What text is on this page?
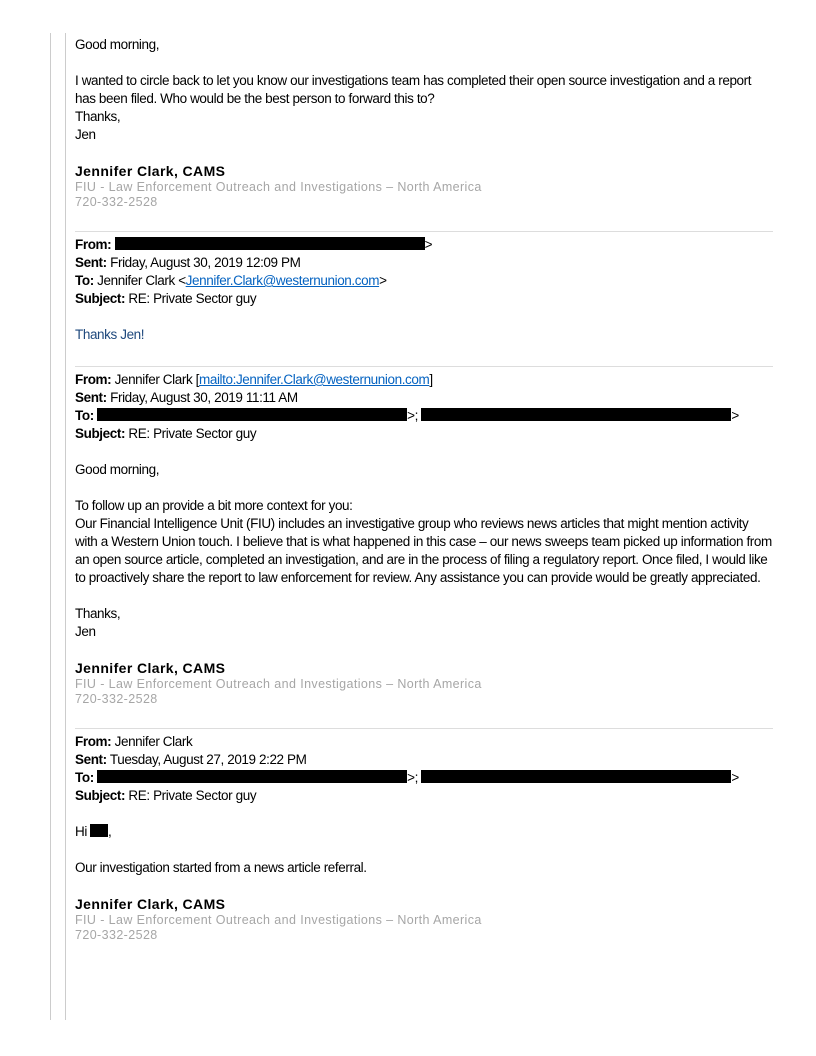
Good morning,
I wanted to circle back to let you know our investigations team has completed their open source investigation and a report has been filed. Who would be the best person to forward this to?
Thanks,
Jen
Jennifer Clark, CAMS
FIU - Law Enforcement Outreach and Investigations – North America
720-332-2528
From:	>
Sent: Friday, August 30, 2019 12:09 PM
To: Jennifer Clark <Jennifer.Clark@westernunion.com>
Subject: RE: Private Sector guy
Thanks Jen!
From: Jennifer Clark [mailto:Jennifer.Clark@westernunion.com]
Sent: Friday, August 30, 2019 11:11 AM
To:	>;	>
Subject: RE: Private Sector guy
Good morning,
To follow up an provide a bit more context for you:
Our Financial Intelligence Unit (FIU) includes an investigative group who reviews news articles that might mention activity with a Western Union touch. I believe that is what happened in this case – our news sweeps team picked up information from an open source article, completed an investigation, and are in the process of filing a regulatory report. Once filed, I would like to proactively share the report to law enforcement for review. Any assistance you can provide would be greatly appreciated.
Thanks,
Jen
Jennifer Clark, CAMS
FIU - Law Enforcement Outreach and Investigations – North America
720-332-2528
From: Jennifer Clark
Sent: Tuesday, August 27, 2019 2:22 PM
To:	>;	>
Subject: RE: Private Sector guy
Hi ,
Our investigation started from a news article referral.
Jennifer Clark, CAMS
FIU - Law Enforcement Outreach and Investigations – North America
720-332-2528
